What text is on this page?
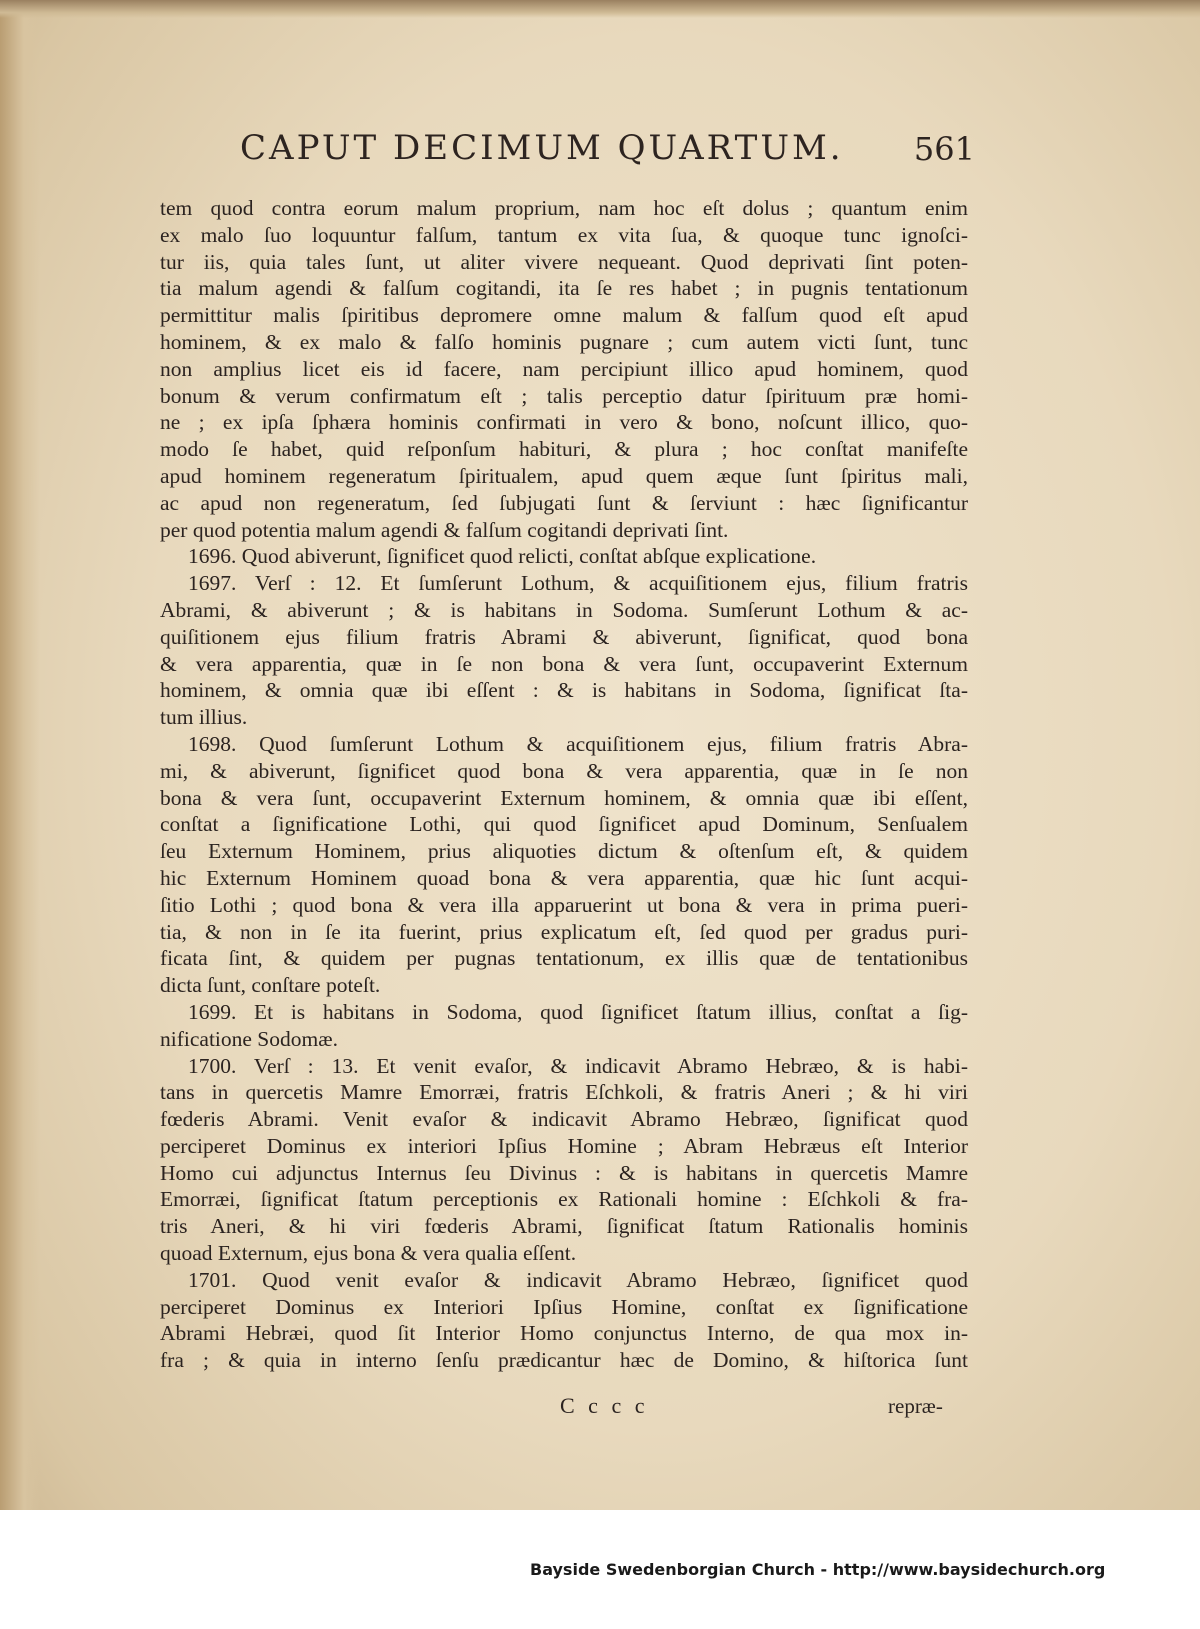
CAPUT DECIMUM QUARTUM. 561
tem quod contra eorum malum proprium, nam hoc eſt dolus ; quantum enim
ex malo ſuo loquuntur falſum, tantum ex vita ſua, & quoque tunc ignoſci-
tur iis, quia tales ſunt, ut aliter vivere nequeant. Quod deprivati ſint poten-
tia malum agendi & falſum cogitandi, ita ſe res habet ; in pugnis tentationum
permittitur malis ſpiritibus depromere omne malum & falſum quod eſt apud
hominem, & ex malo & falſo hominis pugnare ; cum autem victi ſunt, tunc
non amplius licet eis id facere, nam percipiunt illico apud hominem, quod
bonum & verum confirmatum eſt ; talis perceptio datur ſpirituum præ homi-
ne ; ex ipſa ſphæra hominis confirmati in vero & bono, noſcunt illico, quo-
modo ſe habet, quid reſponſum habituri, & plura ; hoc conſtat manifeſte
apud hominem regeneratum ſpiritualem, apud quem æque ſunt ſpiritus mali,
ac apud non regeneratum, ſed ſubjugati ſunt & ſerviunt : hæc ſignificantur
per quod potentia malum agendi & falſum cogitandi deprivati ſint.
1696. Quod abiverunt, ſignificet quod relicti, conſtat abſque explicatione.
1697. Verſ : 12. Et ſumſerunt Lothum, & acquiſitionem ejus, filium fratris
Abrami, & abiverunt ; & is habitans in Sodoma. Sumſerunt Lothum & ac-
quiſitionem ejus filium fratris Abrami & abiverunt, ſignificat, quod bona
& vera apparentia, quæ in ſe non bona & vera ſunt, occupaverint Externum
hominem, & omnia quæ ibi eſſent : & is habitans in Sodoma, ſignificat ſta-
tum illius.
1698. Quod ſumſerunt Lothum & acquiſitionem ejus, filium fratris Abra-
mi, & abiverunt, ſignificet quod bona & vera apparentia, quæ in ſe non
bona & vera ſunt, occupaverint Externum hominem, & omnia quæ ibi eſſent,
conſtat a ſignificatione Lothi, qui quod ſignificet apud Dominum, Senſualem
ſeu Externum Hominem, prius aliquoties dictum & oſtenſum eſt, & quidem
hic Externum Hominem quoad bona & vera apparentia, quæ hic ſunt acqui-
ſitio Lothi ; quod bona & vera illa apparuerint ut bona & vera in prima pueri-
tia, & non in ſe ita fuerint, prius explicatum eſt, ſed quod per gradus puri-
ficata ſint, & quidem per pugnas tentationum, ex illis quæ de tentationibus
dicta ſunt, conſtare poteſt.
1699. Et is habitans in Sodoma, quod ſignificet ſtatum illius, conſtat a ſig-
nificatione Sodomæ.
1700. Verſ : 13. Et venit evaſor, & indicavit Abramo Hebræo, & is habi-
tans in quercetis Mamre Emorræi, fratris Eſchkoli, & fratris Aneri ; & hi viri
fœderis Abrami. Venit evaſor & indicavit Abramo Hebræo, ſignificat quod
perciperet Dominus ex interiori Ipſius Homine ; Abram Hebræus eſt Interior
Homo cui adjunctus Internus ſeu Divinus : & is habitans in quercetis Mamre
Emorræi, ſignificat ſtatum perceptionis ex Rationali homine : Eſchkoli & fra-
tris Aneri, & hi viri fœderis Abrami, ſignificat ſtatum Rationalis hominis
quoad Externum, ejus bona & vera qualia eſſent.
1701. Quod venit evaſor & indicavit Abramo Hebræo, ſignificet quod
perciperet Dominus ex Interiori Ipſius Homine, conſtat ex ſignificatione
Abrami Hebræi, quod ſit Interior Homo conjunctus Interno, de qua mox in-
fra ; & quia in interno ſenſu prædicantur hæc de Domino, & hiſtorica ſunt
C c c c	repræ-
Bayside Swedenborgian Church - http://www.baysidechurch.org
